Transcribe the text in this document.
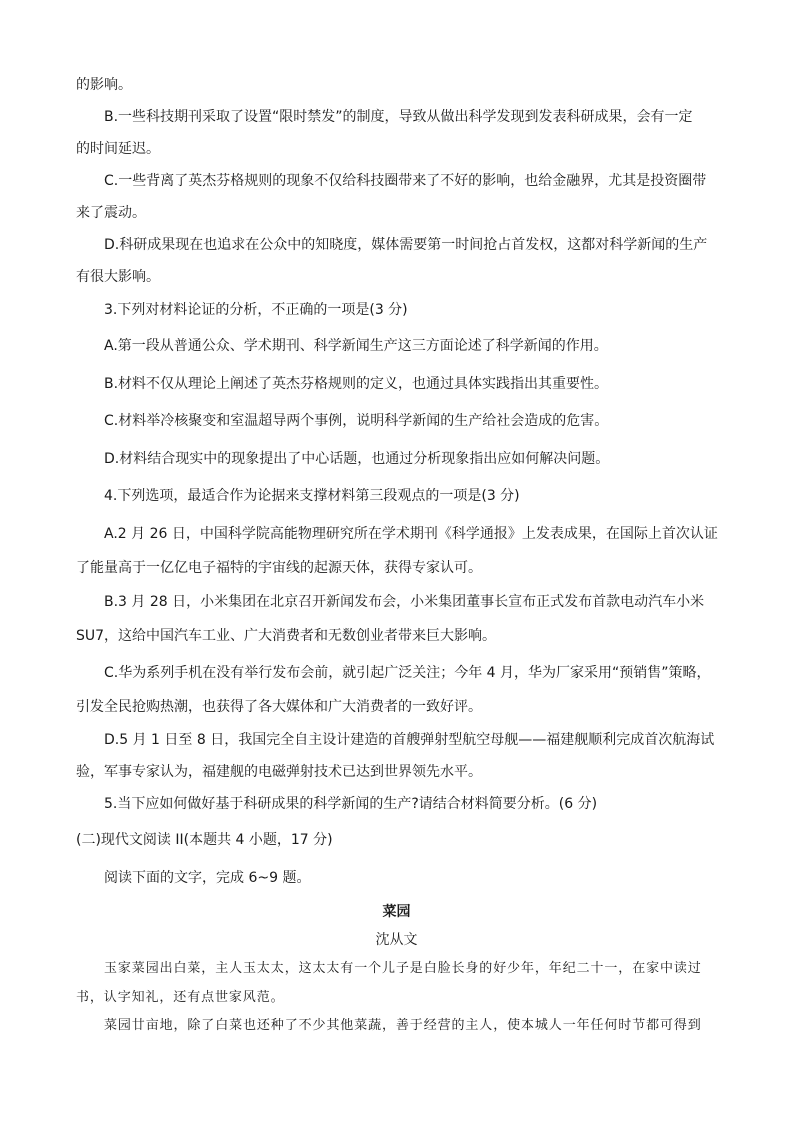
的影响。
B.一些科技期刊采取了设置“限时禁发”的制度，导致从做出科学发现到发表科研成果，会有一定
的时间延迟。
C.一些背离了英杰芬格规则的现象不仅给科技圈带来了不好的影响，也给金融界，尤其是投资圈带
来了震动。
D.科研成果现在也追求在公众中的知晓度，媒体需要第一时间抢占首发权，这都对科学新闻的生产
有很大影响。
3.下列对材料论证的分析，不正确的一项是(3 分)
A.第一段从普通公众、学术期刊、科学新闻生产这三方面论述了科学新闻的作用。
B.材料不仅从理论上阐述了英杰芬格规则的定义，也通过具体实践指出其重要性。
C.材料举冷核聚变和室温超导两个事例，说明科学新闻的生产给社会造成的危害。
D.材料结合现实中的现象提出了中心话题，也通过分析现象指出应如何解决问题。
4.下列选项，最适合作为论据来支撑材料第三段观点的一项是(3 分)
A.2 月 26 日，中国科学院高能物理研究所在学术期刊《科学通报》上发表成果，在国际上首次认证
了能量高于一亿亿电子福特的宇宙线的起源天体，获得专家认可。
B.3 月 28 日，小米集团在北京召开新闻发布会，小米集团董事长宣布正式发布首款电动汽车小米
SU7，这给中国汽车工业、广大消费者和无数创业者带来巨大影响。
C.华为系列手机在没有举行发布会前，就引起广泛关注；今年 4 月，华为厂家采用“预销售”策略，
引发全民抢购热潮，也获得了各大媒体和广大消费者的一致好评。
D.5 月 1 日至 8 日，我国完全自主设计建造的首艘弹射型航空母舰——福建舰顺利完成首次航海试
验，军事专家认为，福建舰的电磁弹射技术已达到世界领先水平。
5.当下应如何做好基于科研成果的科学新闻的生产?请结合材料简要分析。(6 分)
(二)现代文阅读 II(本题共 4 小题，17 分)
阅读下面的文字，完成 6~9 题。
菜园
沈从文
玉家菜园出白菜，主人玉太太，这太太有一个儿子是白脸长身的好少年，年纪二十一，在家中读过
书，认字知礼，还有点世家风范。
菜园廿亩地，除了白菜也还种了不少其他菜蔬，善于经营的主人，使本城人一年任何时节都可得到
